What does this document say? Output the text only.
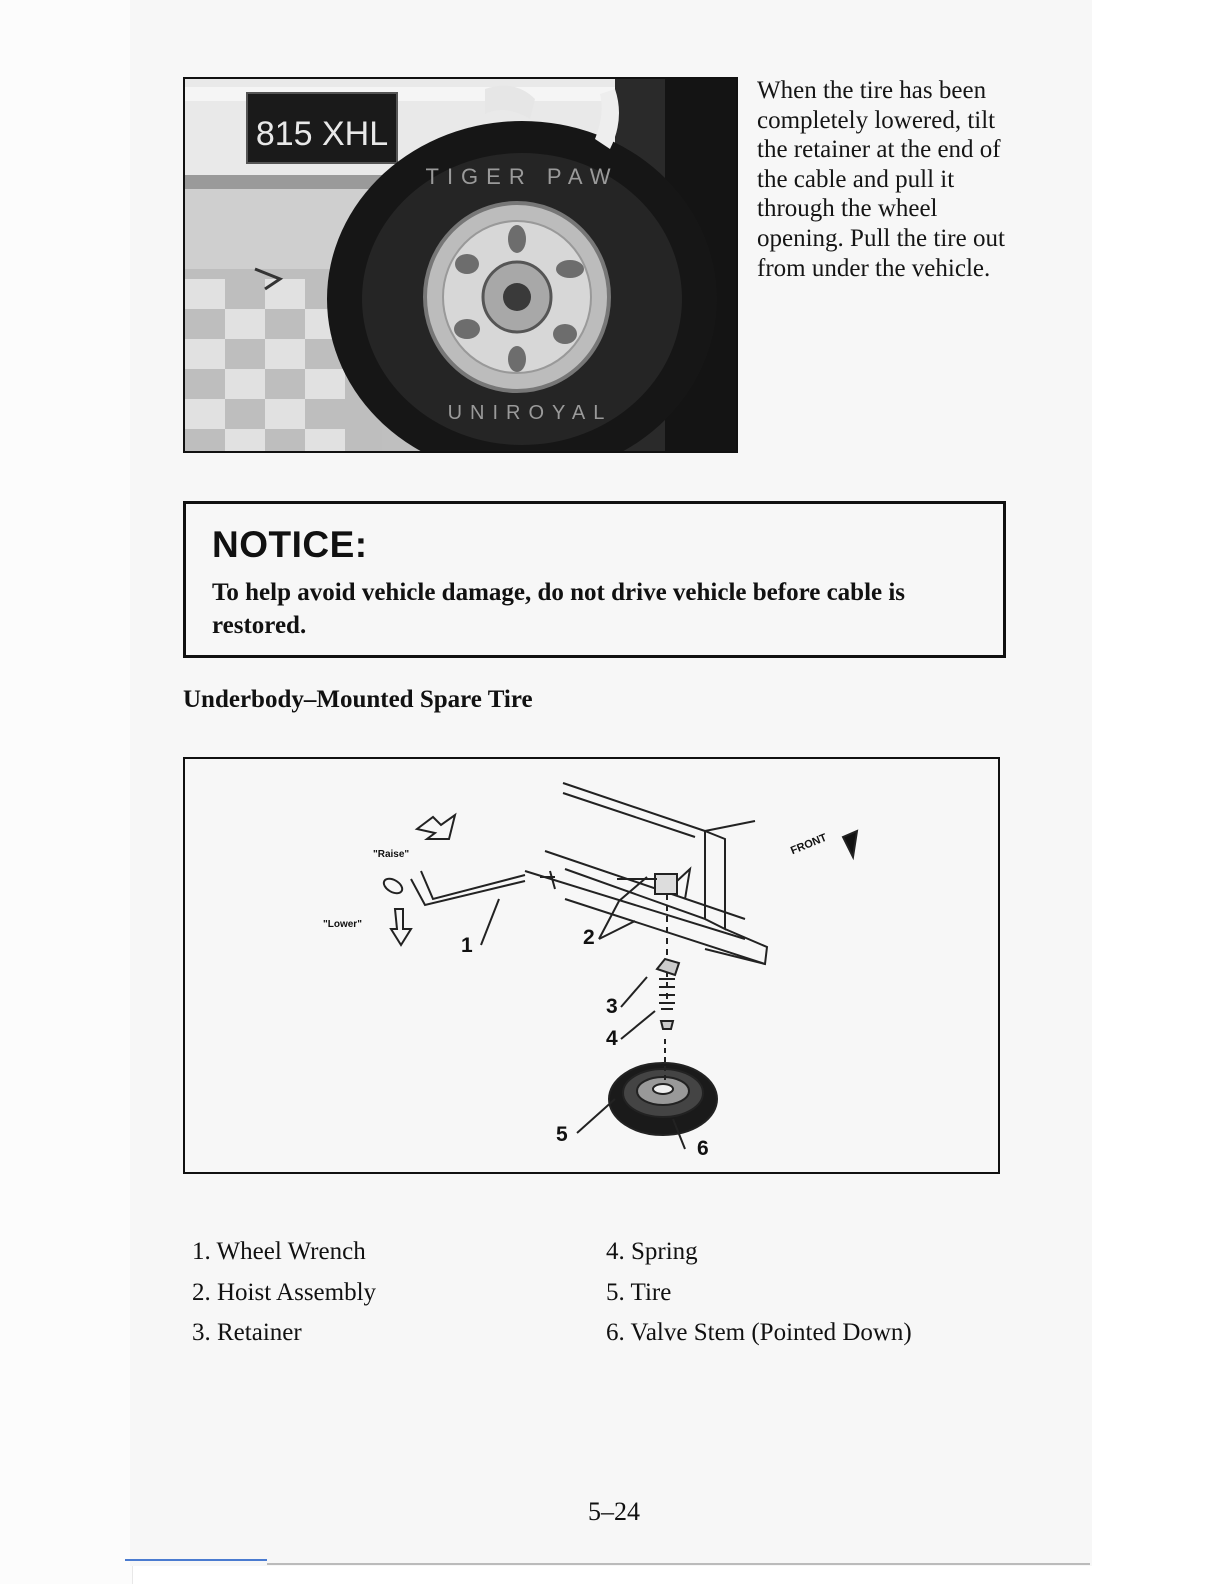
815 XHL
TIGER PAW
UNIROYAL
When the tire has been completely lowered, tilt the retainer at the end of the cable and pull it through the wheel opening. Pull the tire out from under the vehicle.
NOTICE:
To help avoid vehicle damage, do not drive vehicle before cable is restored.
Underbody–Mounted Spare Tire
"Raise"
"Lower"
FRONT
1	2
3
4
5
6
1. Wheel Wrench
2. Hoist Assembly
3. Retainer
4. Spring
5. Tire
6. Valve Stem (Pointed Down)
5–24
